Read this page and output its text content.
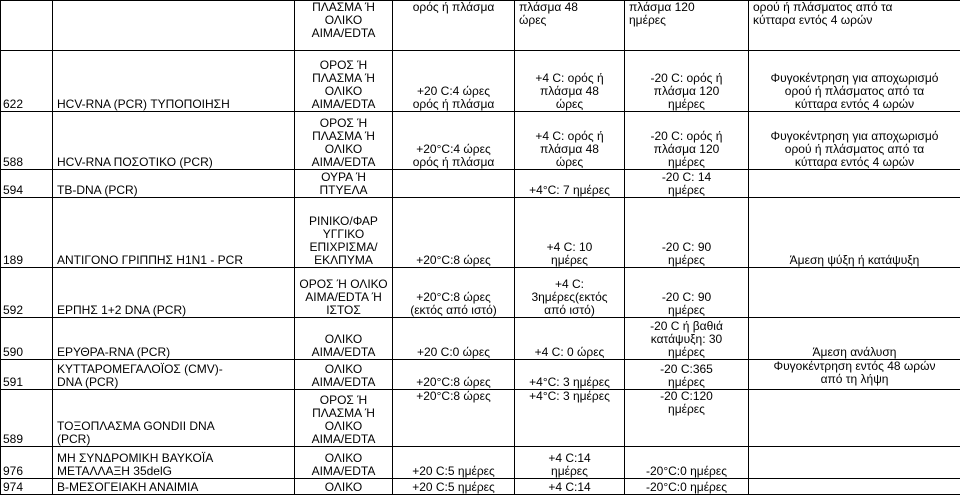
		ΠΛΑΣΜΑ Ή
ΟΛΙΚΟ
ΑΙΜΑ/EDTA	ορός ή πλάσμα	πλάσμα 48
ώρες	πλάσμα 120
ημέρες	ορού ή πλάσματος από τα
κύτταρα εντός 4 ωρών
622	HCV-RNA (PCR) ΤΥΠΟΠΟΙΗΣΗ	ΟΡΟΣ Ή
ΠΛΑΣΜΑ Ή
ΟΛΙΚΟ
ΑΙΜΑ/EDTA	+20 C:4 ώρες
ορός ή πλάσμα	+4 C: ορός ή
πλάσμα 48
ώρες	-20 C: ορός ή
πλάσμα 120
ημέρες	Φυγοκέντρηση για αποχωρισμό
ορού ή πλάσματος από τα
κύτταρα εντός 4 ωρών
588	HCV-RNA ΠΟΣΟΤΙΚΟ (PCR)	ΟΡΟΣ Ή
ΠΛΑΣΜΑ Ή
ΟΛΙΚΟ
ΑΙΜΑ/EDTA	+20°C:4 ώρες
ορός ή πλάσμα	+4 C: ορός ή
πλάσμα 48
ώρες	-20 C: ορός ή
πλάσμα 120
ημέρες	Φυγοκέντρηση για αποχωρισμό
ορού ή πλάσματος από τα
κύτταρα εντός 4 ωρών
594	TB-DNA (PCR)	ΟΥΡΑ Ή
ΠΤΥΕΛΑ		+4°C: 7 ημέρες	-20 C: 14
ημέρες	
189	ΑΝΤΙΓΟΝΟ ΓΡΙΠΠΗΣ H1N1 - PCR	ΡΙΝΙΚΟ/ΦΑΡ
ΥΓΓΙΚΟ
ΕΠΙΧΡΙΣΜΑ/
ΕΚΛΠΥΜΑ	+20°C:8 ώρες	+4 C: 10
ημέρες	-20 C: 90
ημέρες	Άμεση ψύξη ή κατάψυξη
592	ΕΡΠΗΣ 1+2 DNA (PCR)	ΟΡΟΣ Ή ΟΛΙΚΟ
ΑΙΜΑ/EDTA Ή
ΙΣΤΟΣ	+20°C:8 ώρες
(εκτός από ιστό)	+4 C:
3ημέρες(εκτός
από ιστό)	-20 C: 90
ημέρες	
590	ΕΡΥΘΡΑ-RNA (PCR)	ΟΛΙΚΟ
ΑΙΜΑ/EDTA	+20 C:0 ώρες	+4 C: 0 ώρες	-20 C ή βαθιά
κατάψυξη: 30
ημέρες	Άμεση ανάλυση
591	ΚΥΤΤΑΡΟΜΕΓΑΛΟΪΟΣ (CMV)-
DNA (PCR)	ΟΛΙΚΟ
ΑΙΜΑ/EDTA	+20°C:8 ώρες	+4°C: 3 ημέρες	-20 C:365
ημέρες	Φυγοκέντρηση εντός 48 ωρών
από τη λήψη
589	ΤΟΞΟΠΛΑΣΜΑ GONDII DNA
(PCR)	ΟΡΟΣ Ή
ΠΛΑΣΜΑ Ή
ΟΛΙΚΟ
ΑΙΜΑ/EDTA	+20°C:8 ώρες	+4°C: 3 ημέρες	-20 C:120
ημέρες	
976	ΜΗ ΣΥΝΔΡΟΜΙΚΗ ΒΑΥΚΟΪΑ
ΜΕΤΑΛΛΑΞΗ 35delG	ΟΛΙΚΟ
ΑΙΜΑ/EDTA	+20 C:5 ημέρες	+4 C:14
ημέρες	-20°C:0 ημέρες	
974	Β-ΜΕΣΟΓΕΙΑΚΗ ΑΝΑΙΜΙΑ	ΟΛΙΚΟ	+20 C:5 ημέρες	+4 C:14	-20°C:0 ημέρες	
